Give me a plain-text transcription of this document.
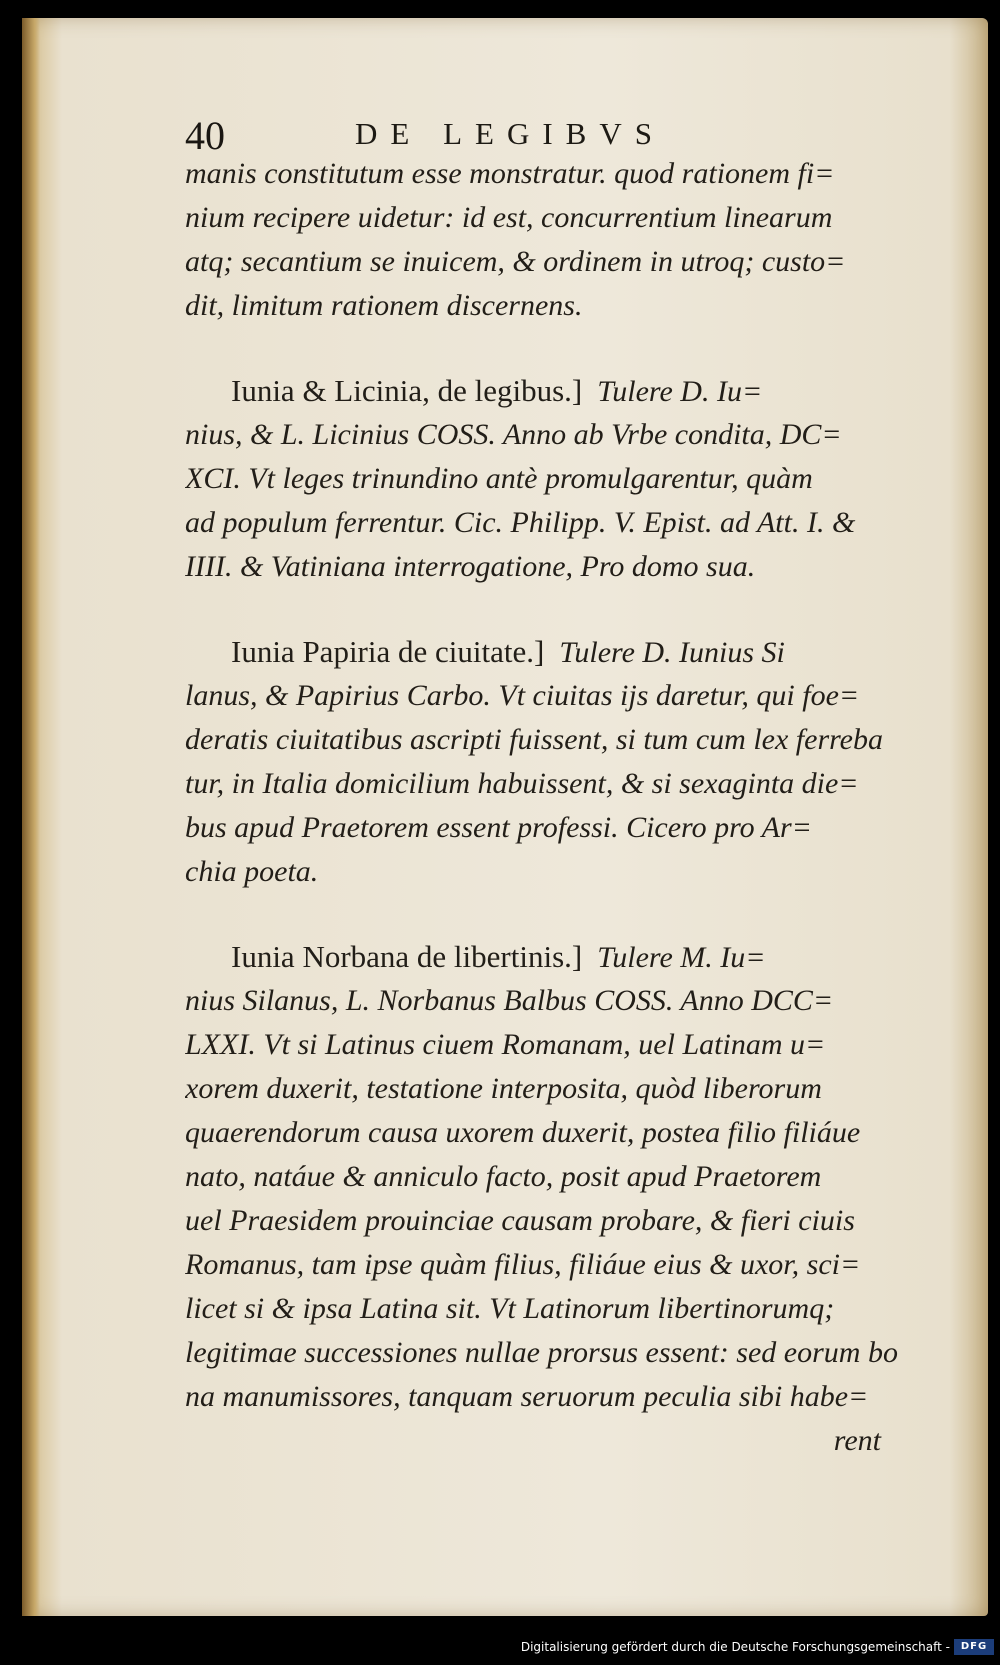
40	DE LEGIBVS
manis constitutum esse monstratur. quod rationem fi=
nium recipere uidetur: id est, concurrentium linearum
atq; secantium se inuicem, & ordinem in utroq; custo=
dit, limitum rationem discernens.
Iunia & Licinia, de legibus.] Tulere D. Iu=
nius, & L. Licinius COSS. Anno ab Vrbe condita, DC=
XCI. Vt leges trinundino antè promulgarentur, quàm
ad populum ferrentur. Cic. Philipp. V. Epist. ad Att. I. &
IIII. & Vatiniana interrogatione, Pro domo sua.
Iunia Papiria de ciuitate.] Tulere D. Iunius Si
lanus, & Papirius Carbo. Vt ciuitas ijs daretur, qui foe=
deratis ciuitatibus ascripti fuissent, si tum cum lex ferreba
tur, in Italia domicilium habuissent, & si sexaginta die=
bus apud Praetorem essent professi. Cicero pro Ar=
chia poeta.
Iunia Norbana de libertinis.] Tulere M. Iu=
nius Silanus, L. Norbanus Balbus COSS. Anno DCC=
LXXI. Vt si Latinus ciuem Romanam, uel Latinam u=
xorem duxerit, testatione interposita, quòd liberorum
quaerendorum causa uxorem duxerit, postea filio filiáue
nato, natáue & anniculo facto, posit apud Praetorem
uel Praesidem prouinciae causam probare, & fieri ciuis
Romanus, tam ipse quàm filius, filiáue eius & uxor, sci=
licet si & ipsa Latina sit. Vt Latinorum libertinorumq;
legitimae successiones nullae prorsus essent: sed eorum bo
na manumissores, tanquam seruorum peculia sibi habe=
rent
Digitalisierung gefördert durch die Deutsche Forschungsgemeinschaft -	DFG
